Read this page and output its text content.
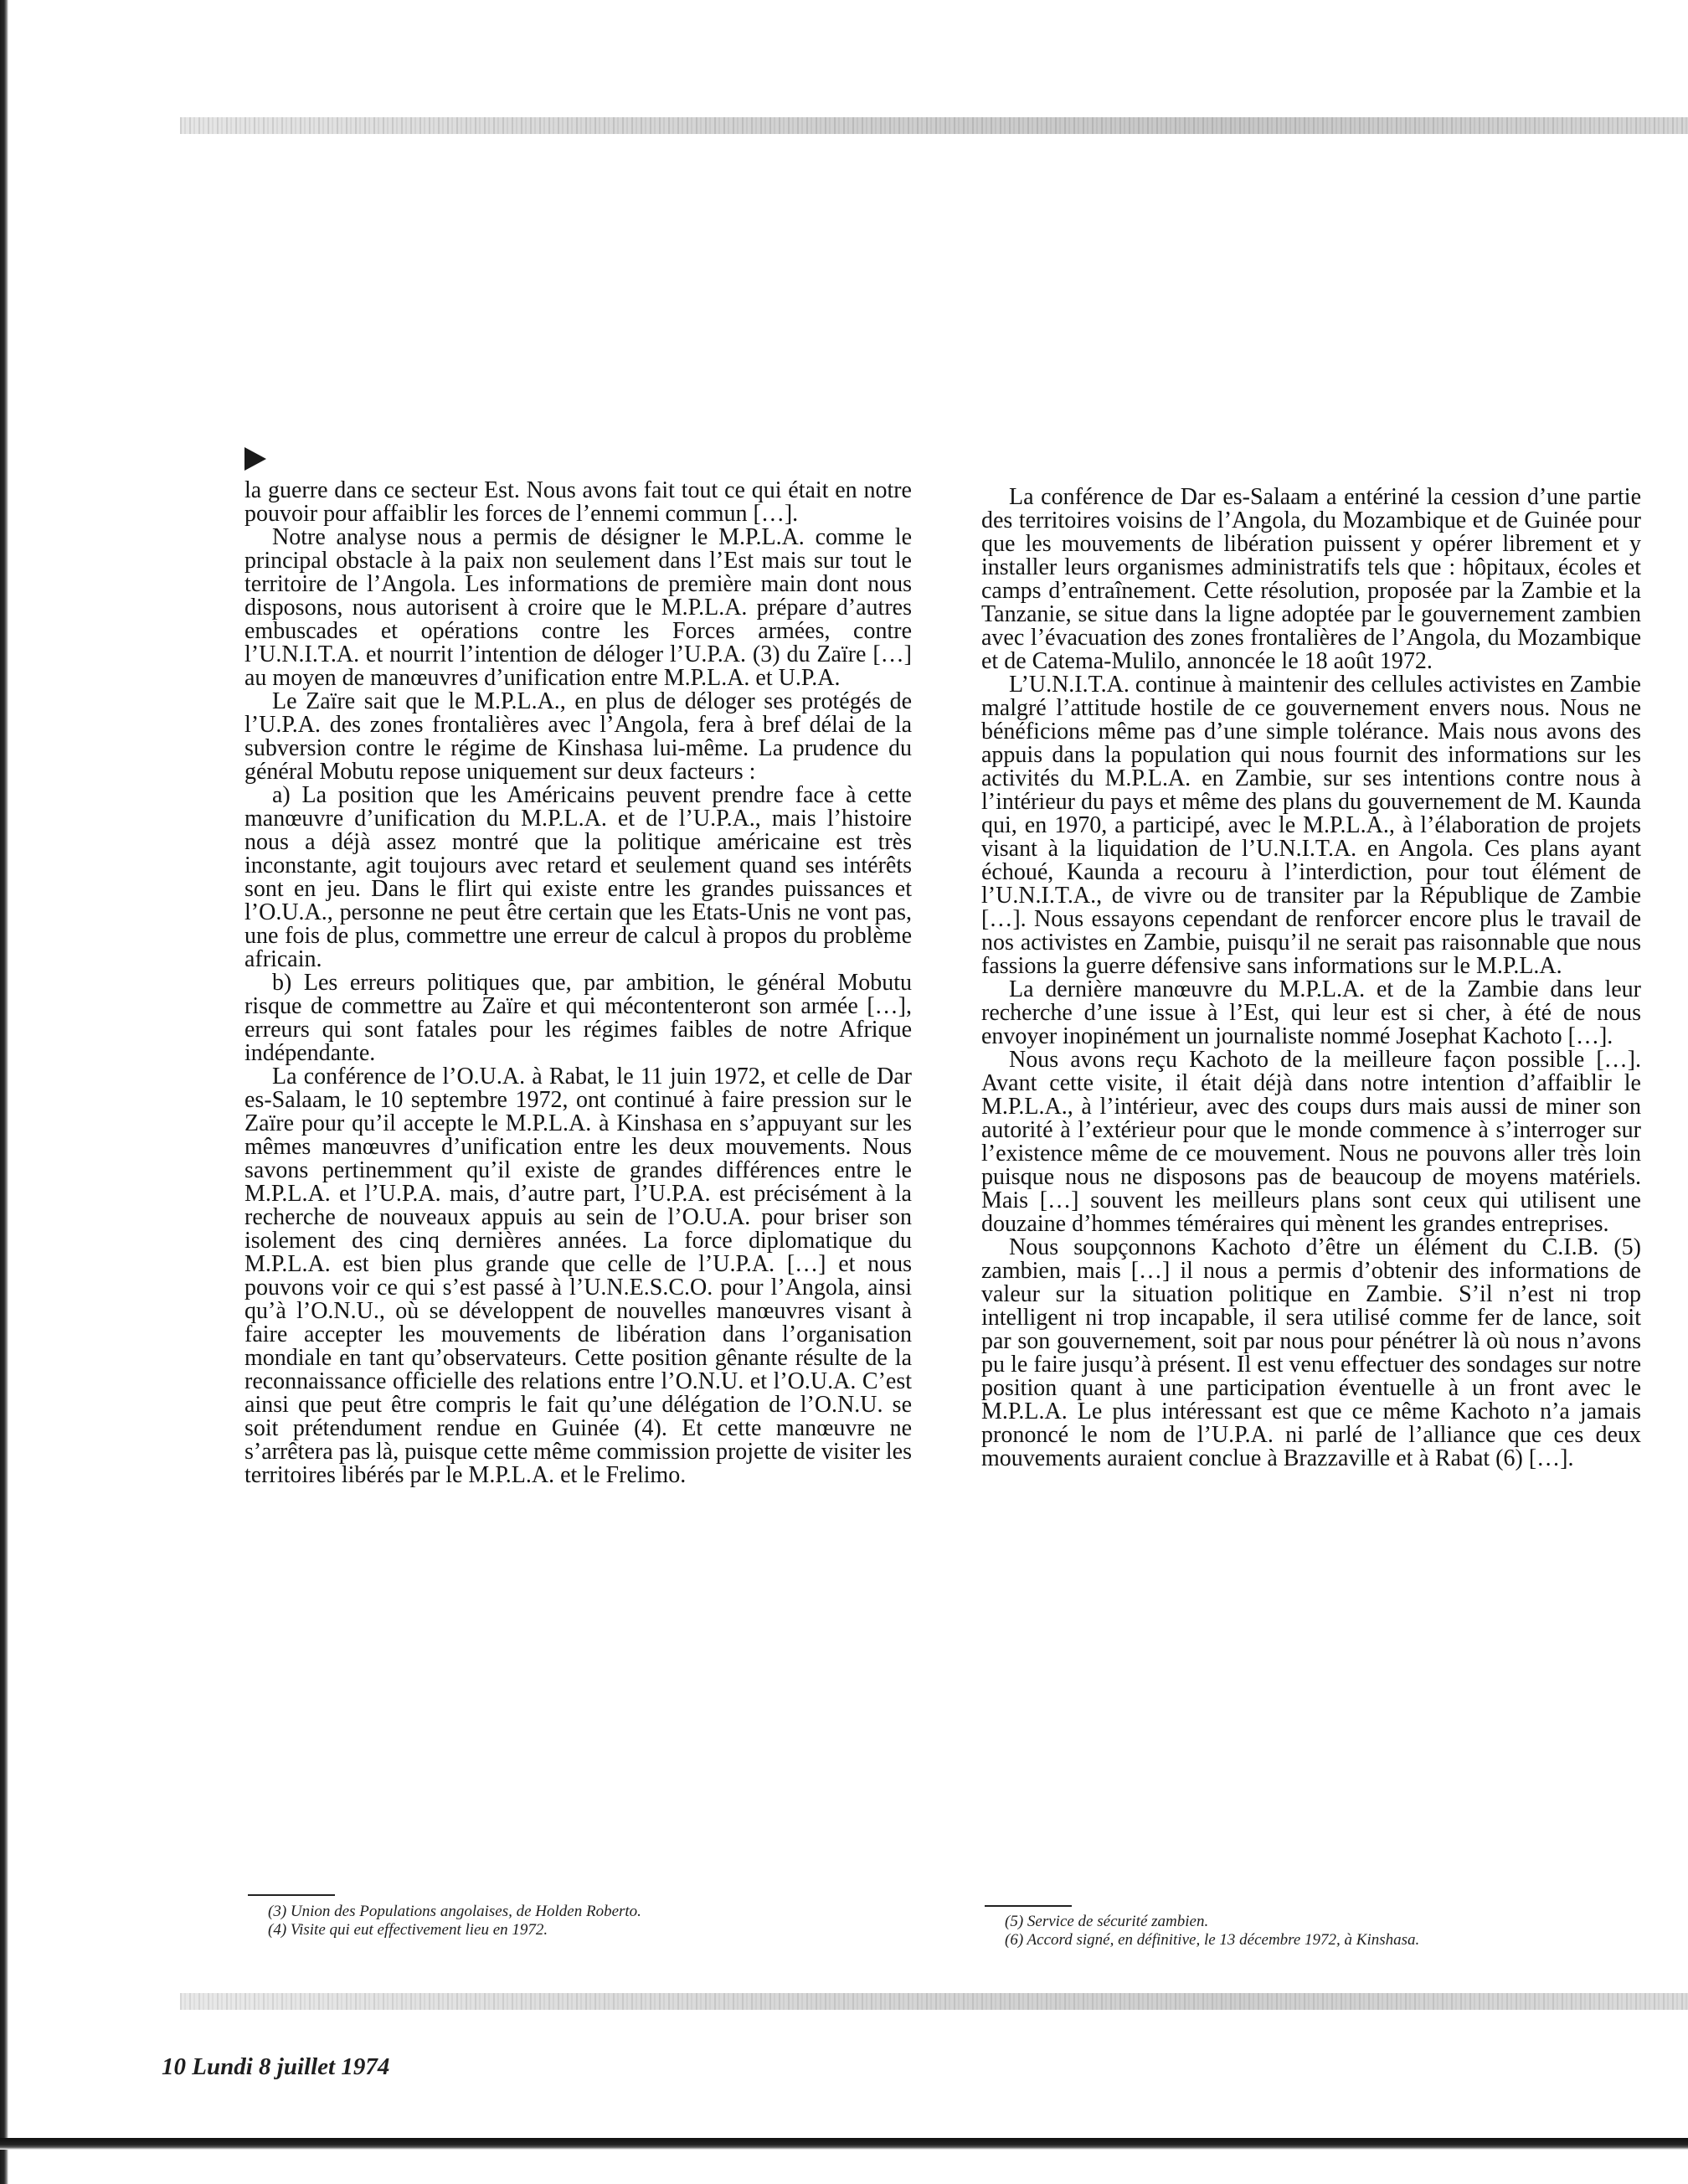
la guerre dans ce secteur Est. Nous avons fait tout ce qui était en notre pouvoir pour affaiblir les forces de l’ennemi commun […].

Notre analyse nous a permis de désigner le M.P.L.A. comme le principal obstacle à la paix non seulement dans l’Est mais sur tout le territoire de l’Angola. Les informations de première main dont nous disposons, nous autorisent à croire que le M.P.L.A. prépare d’autres embuscades et opérations contre les Forces armées, contre l’U.N.I.T.A. et nourrit l’intention de déloger l’U.P.A. (3) du Zaïre […] au moyen de manœuvres d’unification entre M.P.L.A. et U.P.A.

Le Zaïre sait que le M.P.L.A., en plus de déloger ses protégés de l’U.P.A. des zones frontalières avec l’Angola, fera à bref délai de la subversion contre le régime de Kinshasa lui-même. La prudence du général Mobutu repose uniquement sur deux facteurs :

a) La position que les Américains peuvent prendre face à cette manœuvre d’unification du M.P.L.A. et de l’U.P.A., mais l’histoire nous a déjà assez montré que la politique américaine est très inconstante, agit toujours avec retard et seulement quand ses intérêts sont en jeu. Dans le flirt qui existe entre les grandes puissances et l’O.U.A., personne ne peut être certain que les Etats-Unis ne vont pas, une fois de plus, commettre une erreur de calcul à propos du problème africain.

b) Les erreurs politiques que, par ambition, le général Mobutu risque de commettre au Zaïre et qui mécontenteront son armée […], erreurs qui sont fatales pour les régimes faibles de notre Afrique indépendante.

La conférence de l’O.U.A. à Rabat, le 11 juin 1972, et celle de Dar es-Salaam, le 10 septembre 1972, ont continué à faire pression sur le Zaïre pour qu’il accepte le M.P.L.A. à Kinshasa en s’appuyant sur les mêmes manœuvres d’unification entre les deux mouvements. Nous savons pertinemment qu’il existe de grandes différences entre le M.P.L.A. et l’U.P.A. mais, d’autre part, l’U.P.A. est précisément à la recherche de nouveaux appuis au sein de l’O.U.A. pour briser son isolement des cinq dernières années. La force diplomatique du M.P.L.A. est bien plus grande que celle de l’U.P.A. […] et nous pouvons voir ce qui s’est passé à l’U.N.E.S.C.O. pour l’Angola, ainsi qu’à l’O.N.U., où se développent de nouvelles manœuvres visant à faire accepter les mouvements de libération dans l’organisation mondiale en tant qu’observateurs. Cette position gênante résulte de la reconnaissance officielle des relations entre l’O.N.U. et l’O.U.A. C’est ainsi que peut être compris le fait qu’une délégation de l’O.N.U. se soit prétendument rendue en Guinée (4). Et cette manœuvre ne s’arrêtera pas là, puisque cette même commission projette de visiter les territoires libérés par le M.P.L.A. et le Frelimo.

La conférence de Dar es-Salaam a entériné la cession d’une partie des territoires voisins de l’Angola, du Mozambique et de Guinée pour que les mouvements de libération puissent y opérer librement et y installer leurs organismes administratifs tels que : hôpitaux, écoles et camps d’entraînement. Cette résolution, proposée par la Zambie et la Tanzanie, se situe dans la ligne adoptée par le gouvernement zambien avec l’évacuation des zones frontalières de l’Angola, du Mozambique et de Catema-Mulilo, annoncée le 18 août 1972.

L’U.N.I.T.A. continue à maintenir des cellules activistes en Zambie malgré l’attitude hostile de ce gouvernement envers nous. Nous ne bénéficions même pas d’une simple tolérance. Mais nous avons des appuis dans la population qui nous fournit des informations sur les activités du M.P.L.A. en Zambie, sur ses intentions contre nous à l’intérieur du pays et même des plans du gouvernement de M. Kaunda qui, en 1970, a participé, avec le M.P.L.A., à l’élaboration de projets visant à la liquidation de l’U.N.I.T.A. en Angola. Ces plans ayant échoué, Kaunda a recouru à l’interdiction, pour tout élément de l’U.N.I.T.A., de vivre ou de transiter par la République de Zambie […]. Nous essayons cependant de renforcer encore plus le travail de nos activistes en Zambie, puisqu’il ne serait pas raisonnable que nous fassions la guerre défensive sans informations sur le M.P.L.A.

La dernière manœuvre du M.P.L.A. et de la Zambie dans leur recherche d’une issue à l’Est, qui leur est si cher, à été de nous envoyer inopinément un journaliste nommé Josephat Kachoto […].

Nous avons reçu Kachoto de la meilleure façon possible […]. Avant cette visite, il était déjà dans notre intention d’affaiblir le M.P.L.A., à l’intérieur, avec des coups durs mais aussi de miner son autorité à l’extérieur pour que le monde commence à s’interroger sur l’existence même de ce mouvement. Nous ne pouvons aller très loin puisque nous ne disposons pas de beaucoup de moyens matériels. Mais […] souvent les meilleurs plans sont ceux qui utilisent une douzaine d’hommes téméraires qui mènent les grandes entreprises.

Nous soupçonnons Kachoto d’être un élément du C.I.B. (5) zambien, mais […] il nous a permis d’obtenir des informations de valeur sur la situation politique en Zambie. S’il n’est ni trop intelligent ni trop incapable, il sera utilisé comme fer de lance, soit par son gouvernement, soit par nous pour pénétrer là où nous n’avons pu le faire jusqu’à présent. Il est venu effectuer des sondages sur notre position quant à une participation éventuelle à un front avec le M.P.L.A. Le plus intéressant est que ce même Kachoto n’a jamais prononcé le nom de l’U.P.A. ni parlé de l’alliance que ces deux mouvements auraient conclue à Brazzaville et à Rabat (6) […].

(3) Union des Populations angolaises, de Holden Roberto.
(4) Visite qui eut effectivement lieu en 1972.	(5) Service de sécurité zambien.
(6) Accord signé, en définitive, le 13 décembre 1972, à Kinshasa.
10 Lundi 8 juillet 1974
